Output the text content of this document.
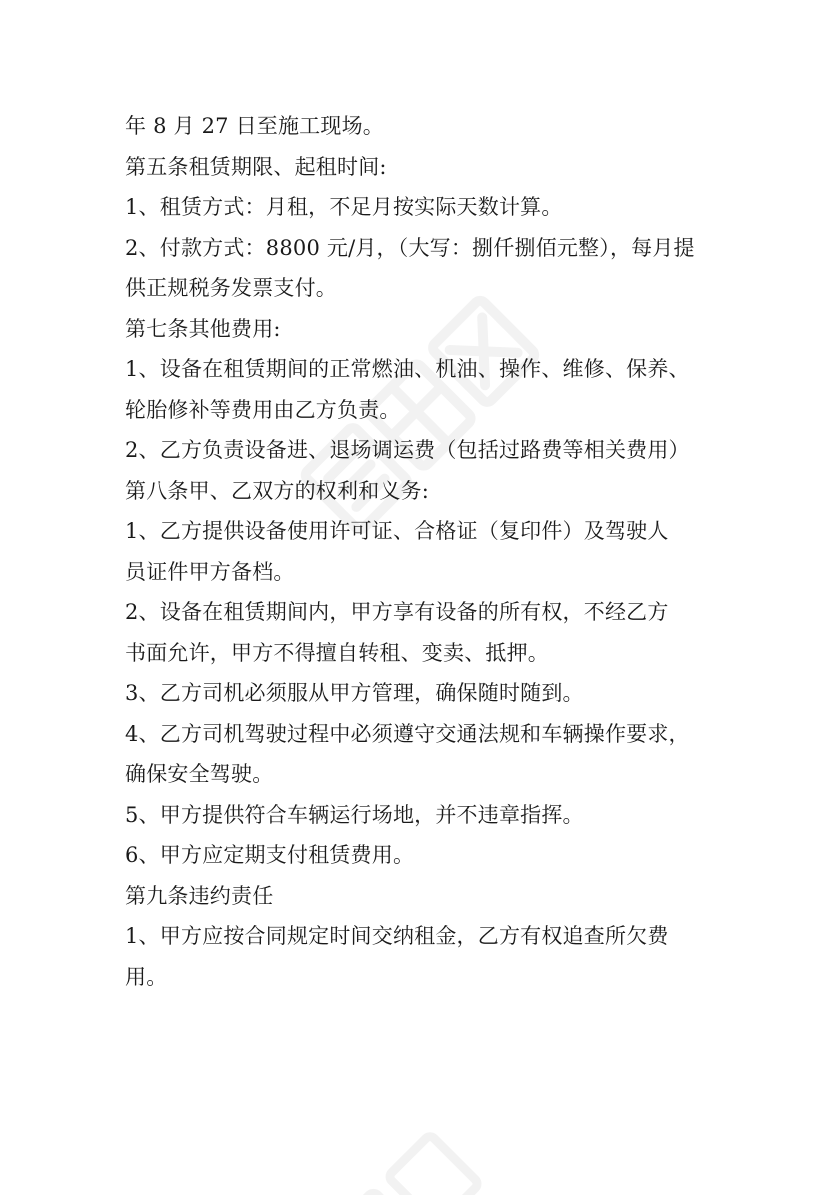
年 8 月 27 日至施工现场。

第五条租赁期限、起租时间:

1、租赁方式：月租，不足月按实际天数计算。

2、付款方式：8800 元/月，（大写：捌仟捌佰元整），每月提

供正规税务发票支付。

第七条其他费用:

1、设备在租赁期间的正常燃油、机油、操作、维修、保养、

轮胎修补等费用由乙方负责。

2、乙方负责设备进、退场调运费（包括过路费等相关费用）

第八条甲、乙双方的权利和义务:

1、乙方提供设备使用许可证、合格证（复印件）及驾驶人

员证件甲方备档。

2、设备在租赁期间内，甲方享有设备的所有权，不经乙方

书面允许，甲方不得擅自转租、变卖、抵押。

3、乙方司机必须服从甲方管理，确保随时随到。

4、乙方司机驾驶过程中必须遵守交通法规和车辆操作要求，

确保安全驾驶。

5、甲方提供符合车辆运行场地，并不违章指挥。

6、甲方应定期支付租赁费用。

第九条违约责任

1、甲方应按合同规定时间交纳租金，乙方有权追查所欠费

用。
